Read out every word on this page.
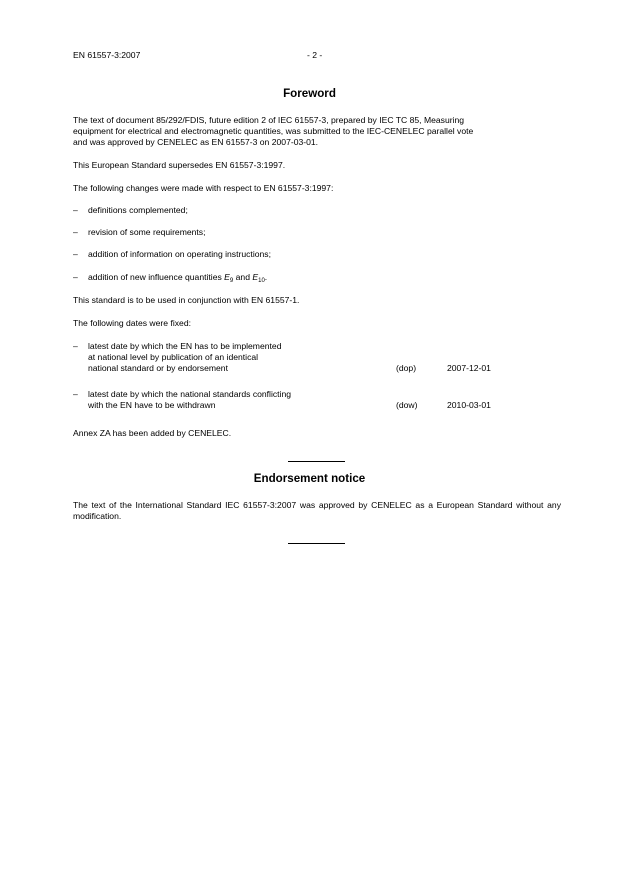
EN 61557-3:2007	- 2 -
Foreword
The text of document 85/292/FDIS, future edition 2 of IEC 61557-3, prepared by IEC TC 85, Measuring
equipment for electrical and electromagnetic quantities, was submitted to the IEC-CENELEC parallel vote
and was approved by CENELEC as EN 61557-3 on 2007-03-01.
This European Standard supersedes EN 61557-3:1997.
The following changes were made with respect to EN 61557-3:1997:
– definitions complemented;
– revision of some requirements;
– addition of information on operating instructions;
– addition of new influence quantities $E_9$ and $E_{10}$.
This standard is to be used in conjunction with EN 61557-1.
The following dates were fixed:
– latest date by which the EN has to be implemented
at national level by publication of an identical
national standard or by endorsement	(dop)	2007-12-01
– latest date by which the national standards conflicting
with the EN have to be withdrawn	(dow)	2010-03-01
Annex ZA has been added by CENELEC.
Endorsement notice
The text of the International Standard IEC 61557-3:2007 was approved by CENELEC as a European Standard without any modification.
